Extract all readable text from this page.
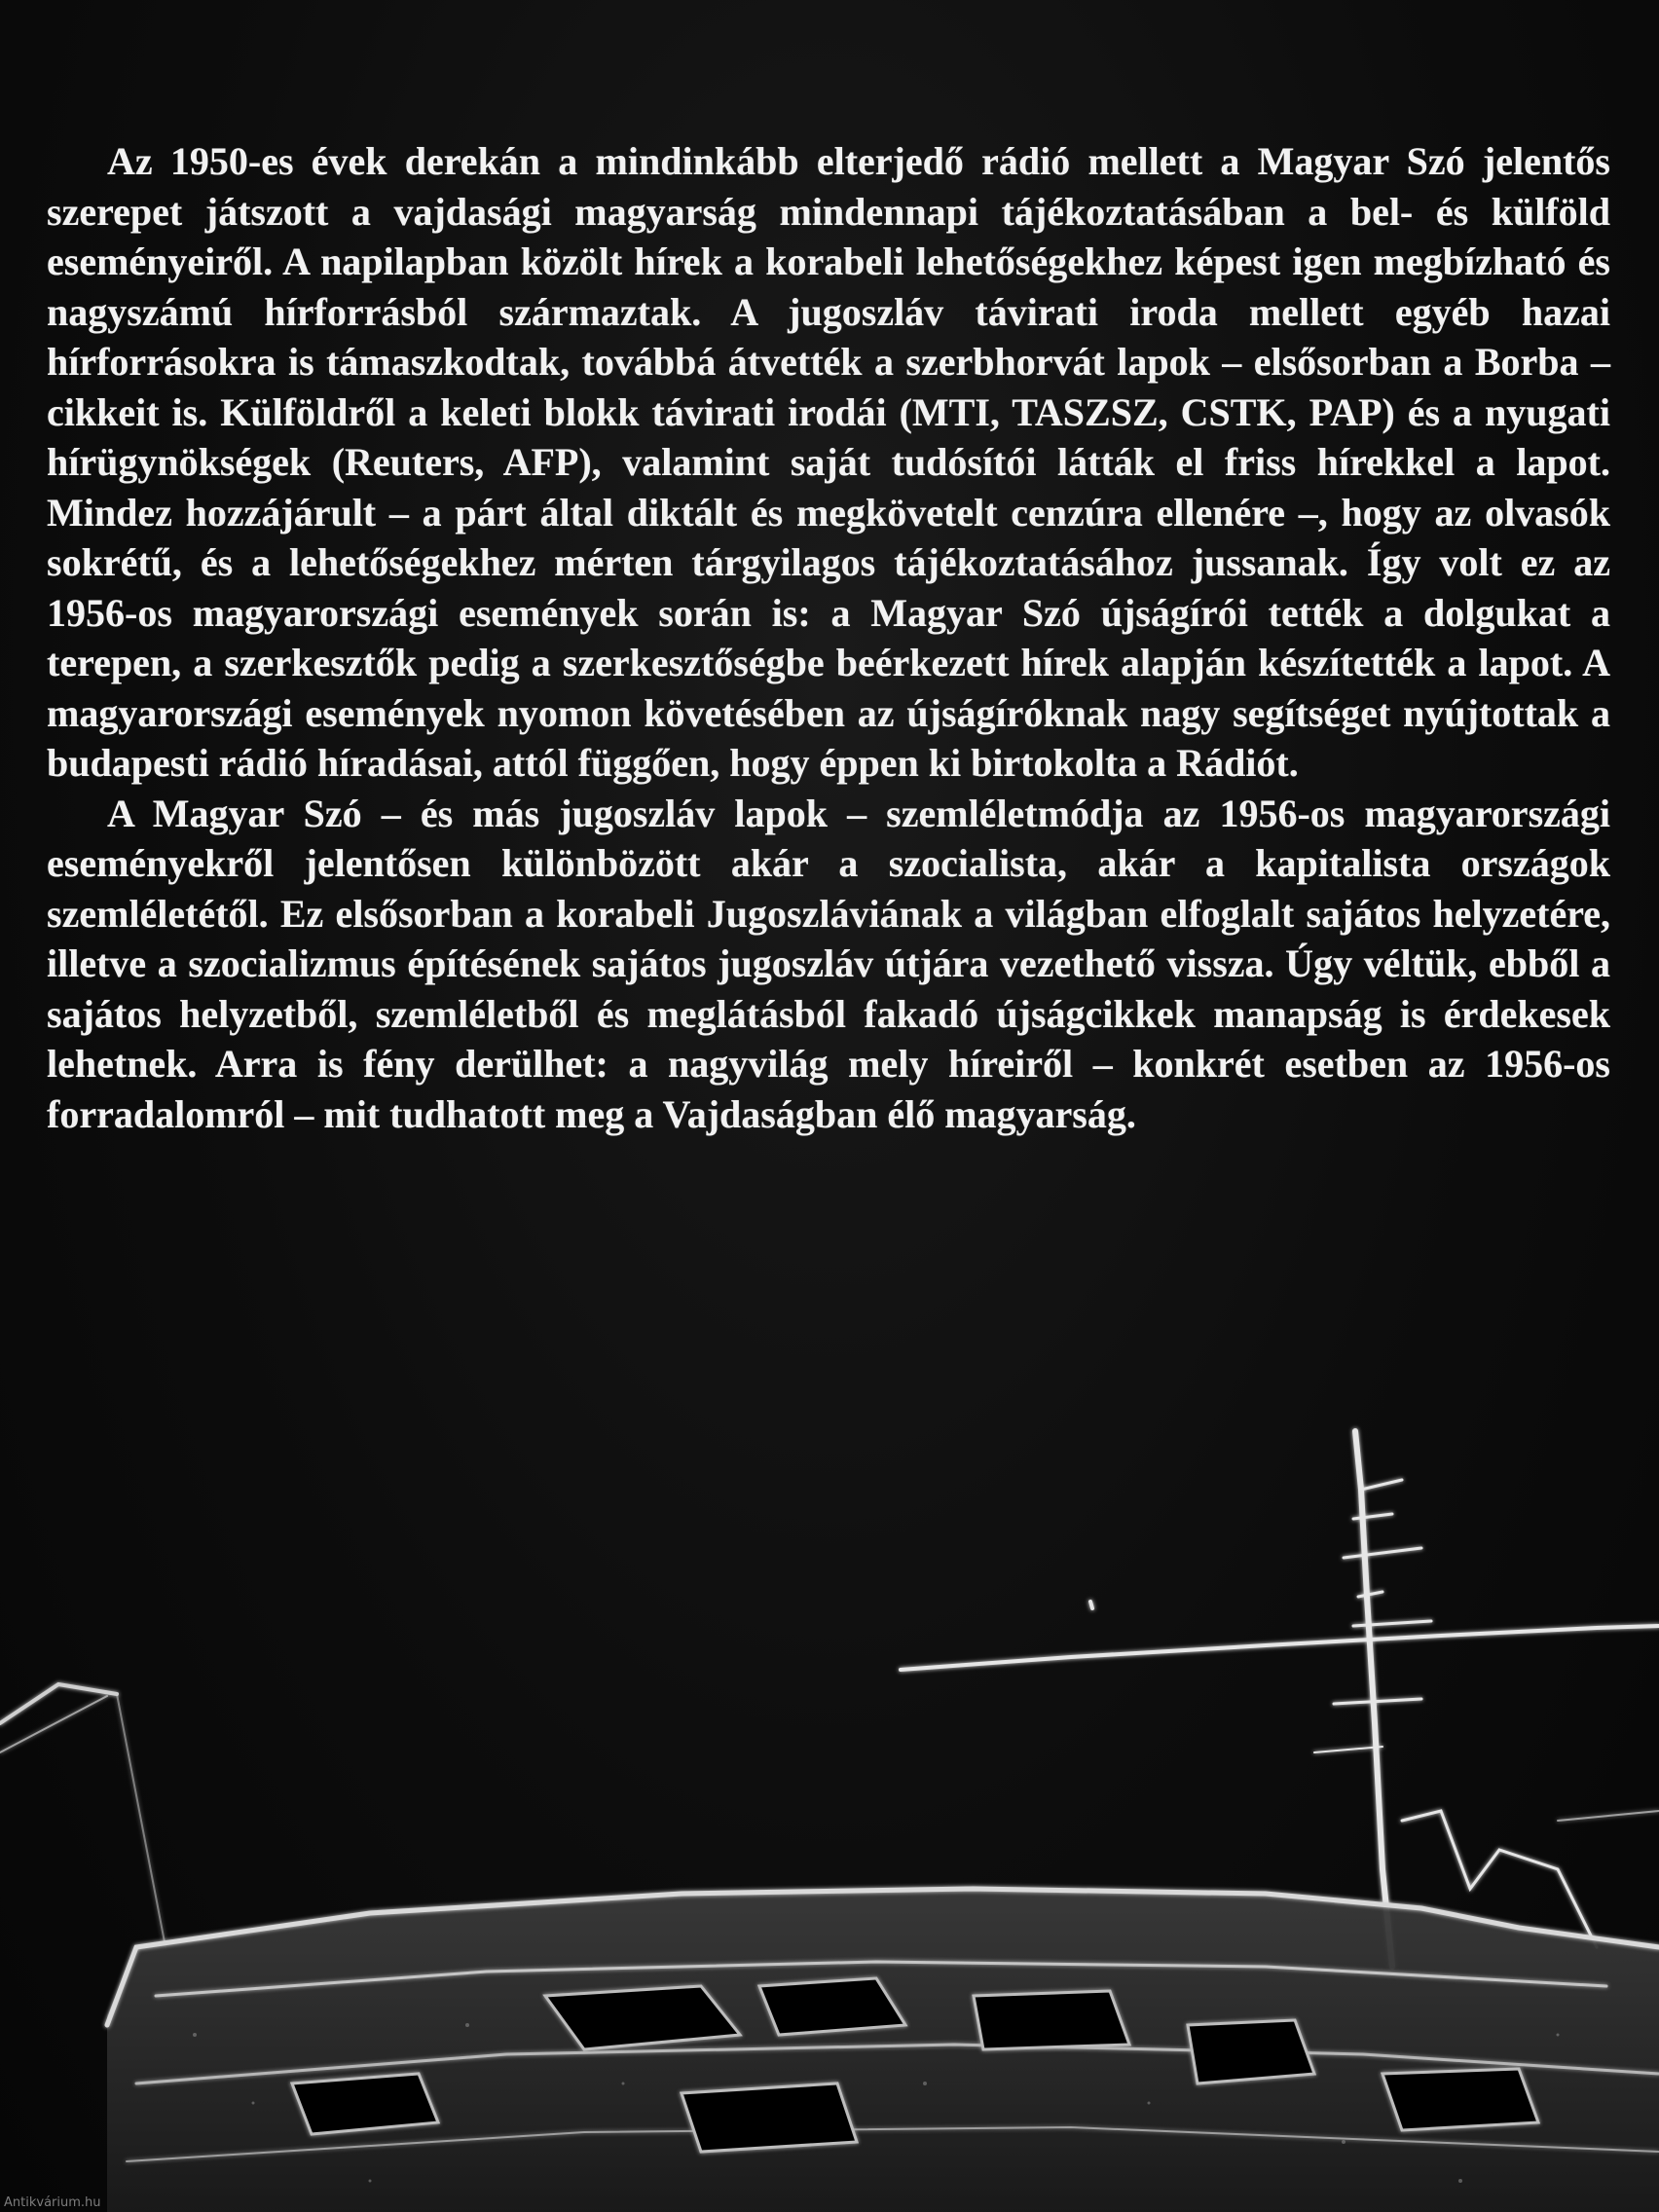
Az 1950-es évek derekán a mindinkább elterjedő rádió mellett a Magyar Szó jelentős szerepet játszott a vajdasági magyarság mindennapi tájékoztatásában a bel- és külföld eseményeiről. A napilapban közölt hírek a korabeli lehetőségekhez képest igen megbízható és nagyszámú hírforrásból származtak. A jugoszláv távirati iroda mellett egyéb hazai hírforrásokra is támaszkodtak, továbbá átvették a szerbhorvát lapok – elsősorban a Borba – cikkeit is. Külföldről a keleti blokk távirati irodái (MTI, TASZSZ, CSTK, PAP) és a nyugati hírügynökségek (Reuters, AFP), valamint saját tudósítói látták el friss hírekkel a lapot. Mindez hozzájárult – a párt által diktált és megkövetelt cenzúra ellenére –, hogy az olvasók sokrétű, és a lehetőségekhez mérten tárgyilagos tájékoztatásához jussanak. Így volt ez az 1956-os magyarországi események során is: a Magyar Szó újságírói tették a dolgukat a terepen, a szerkesztők pedig a szerkesztőségbe beérkezett hírek alapján készítették a lapot. A magyarországi események nyomon követésében az újságíróknak nagy segítséget nyújtottak a budapesti rádió híradásai, attól függően, hogy éppen ki birtokolta a Rádiót.

A Magyar Szó – és más jugoszláv lapok – szemléletmódja az 1956-os magyarországi eseményekről jelentősen különbözött akár a szocialista, akár a kapitalista országok szemléletétől. Ez elsősorban a korabeli Jugoszláviának a világban elfoglalt sajátos helyzetére, illetve a szocializmus építésének sajátos jugoszláv útjára vezethető vissza. Úgy véltük, ebből a sajátos helyzetből, szemléletből és meglátásból fakadó újságcikkek manapság is érdekesek lehetnek. Arra is fény derülhet: a nagyvilág mely híreiről – konkrét esetben az 1956-os forradalomról – mit tudhatott meg a Vajdaságban élő magyarság.

Antikvárium.hu
